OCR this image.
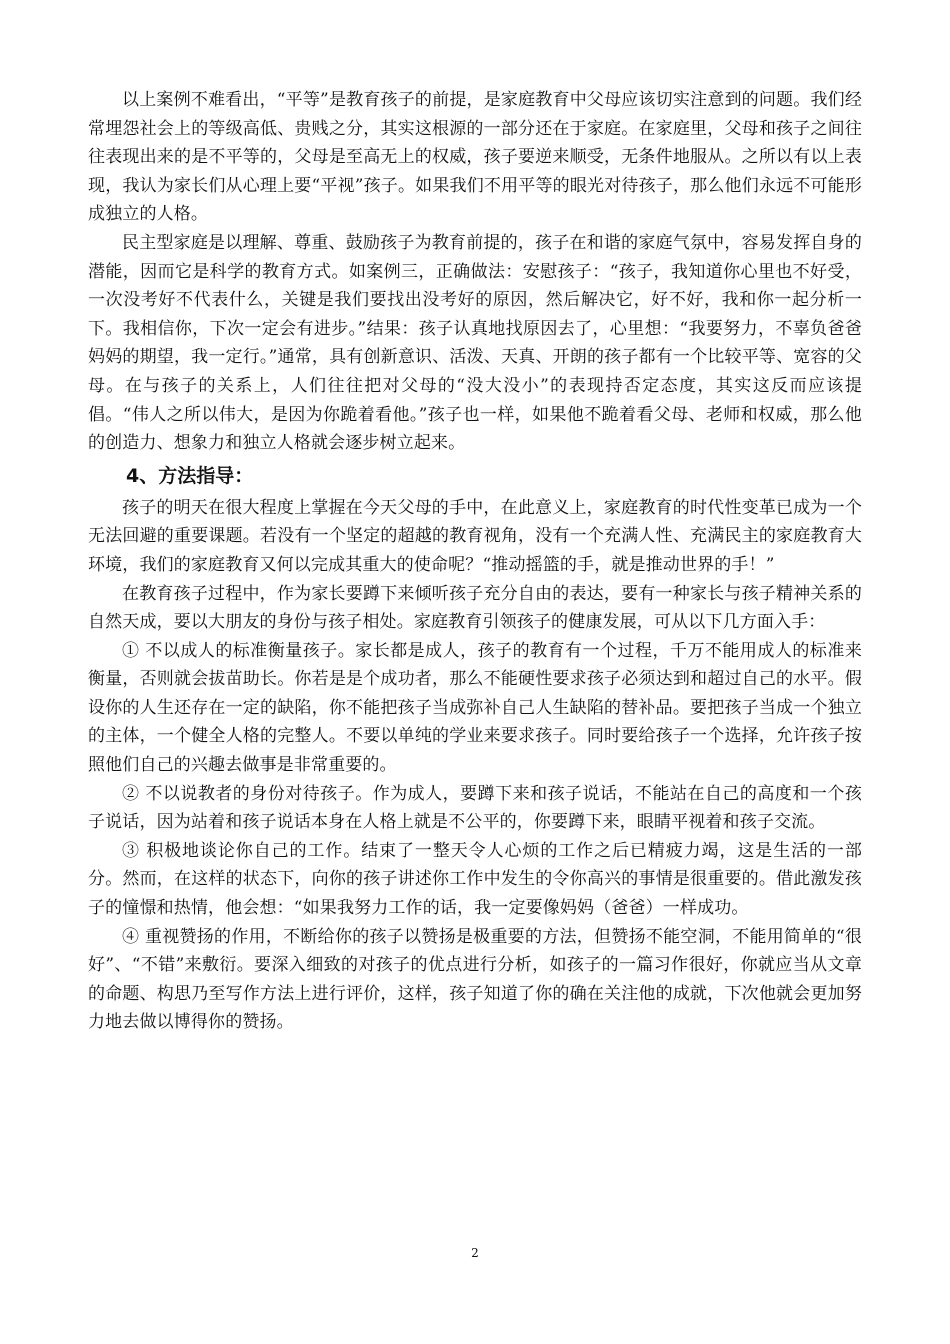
以上案例不难看出，“平等”是教育孩子的前提，是家庭教育中父母应该切实注意到的问题。我们经常埋怨社会上的等级高低、贵贱之分，其实这根源的一部分还在于家庭。在家庭里，父母和孩子之间往往表现出来的是不平等的，父母是至高无上的权威，孩子要逆来顺受，无条件地服从。之所以有以上表现，我认为家长们从心理上要“平视”孩子。如果我们不用平等的眼光对待孩子，那么他们永远不可能形成独立的人格。

民主型家庭是以理解、尊重、鼓励孩子为教育前提的，孩子在和谐的家庭气氛中，容易发挥自身的潜能，因而它是科学的教育方式。如案例三，正确做法：安慰孩子：“孩子，我知道你心里也不好受，一次没考好不代表什么，关键是我们要找出没考好的原因，然后解决它，好不好，我和你一起分析一下。我相信你，下次一定会有进步。”结果：孩子认真地找原因去了，心里想：“我要努力，不辜负爸爸妈妈的期望，我一定行。”通常，具有创新意识、活泼、天真、开朗的孩子都有一个比较平等、宽容的父母。在与孩子的关系上，人们往往把对父母的“没大没小”的表现持否定态度，其实这反而应该提倡。“伟人之所以伟大，是因为你跪着看他。”孩子也一样，如果他不跪着看父母、老师和权威，那么他的创造力、想象力和独立人格就会逐步树立起来。

4、方法指导：

孩子的明天在很大程度上掌握在今天父母的手中，在此意义上，家庭教育的时代性变革已成为一个无法回避的重要课题。若没有一个坚定的超越的教育视角，没有一个充满人性、充满民主的家庭教育大环境，我们的家庭教育又何以完成其重大的使命呢？“推动摇篮的手，就是推动世界的手！”

在教育孩子过程中，作为家长要蹲下来倾听孩子充分自由的表达，要有一种家长与孩子精神关系的自然天成，要以大朋友的身份与孩子相处。家庭教育引领孩子的健康发展，可从以下几方面入手：

① 不以成人的标准衡量孩子。家长都是成人，孩子的教育有一个过程，千万不能用成人的标准来衡量，否则就会拔苗助长。你若是是个成功者，那么不能硬性要求孩子必须达到和超过自己的水平。假设你的人生还存在一定的缺陷，你不能把孩子当成弥补自己人生缺陷的替补品。要把孩子当成一个独立的主体，一个健全人格的完整人。不要以单纯的学业来要求孩子。同时要给孩子一个选择，允许孩子按照他们自己的兴趣去做事是非常重要的。

② 不以说教者的身份对待孩子。作为成人，要蹲下来和孩子说话，不能站在自己的高度和一个孩子说话，因为站着和孩子说话本身在人格上就是不公平的，你要蹲下来，眼睛平视着和孩子交流。

③ 积极地谈论你自己的工作。结束了一整天令人心烦的工作之后已精疲力竭，这是生活的一部分。然而，在这样的状态下，向你的孩子讲述你工作中发生的令你高兴的事情是很重要的。借此激发孩子的憧憬和热情，他会想：“如果我努力工作的话，我一定要像妈妈（爸爸）一样成功。

④ 重视赞扬的作用，不断给你的孩子以赞扬是极重要的方法，但赞扬不能空洞，不能用简单的“很好”、“不错”来敷衍。要深入细致的对孩子的优点进行分析，如孩子的一篇习作很好，你就应当从文章的命题、构思乃至写作方法上进行评价，这样，孩子知道了你的确在关注他的成就，下次他就会更加努力地去做以博得你的赞扬。

2
